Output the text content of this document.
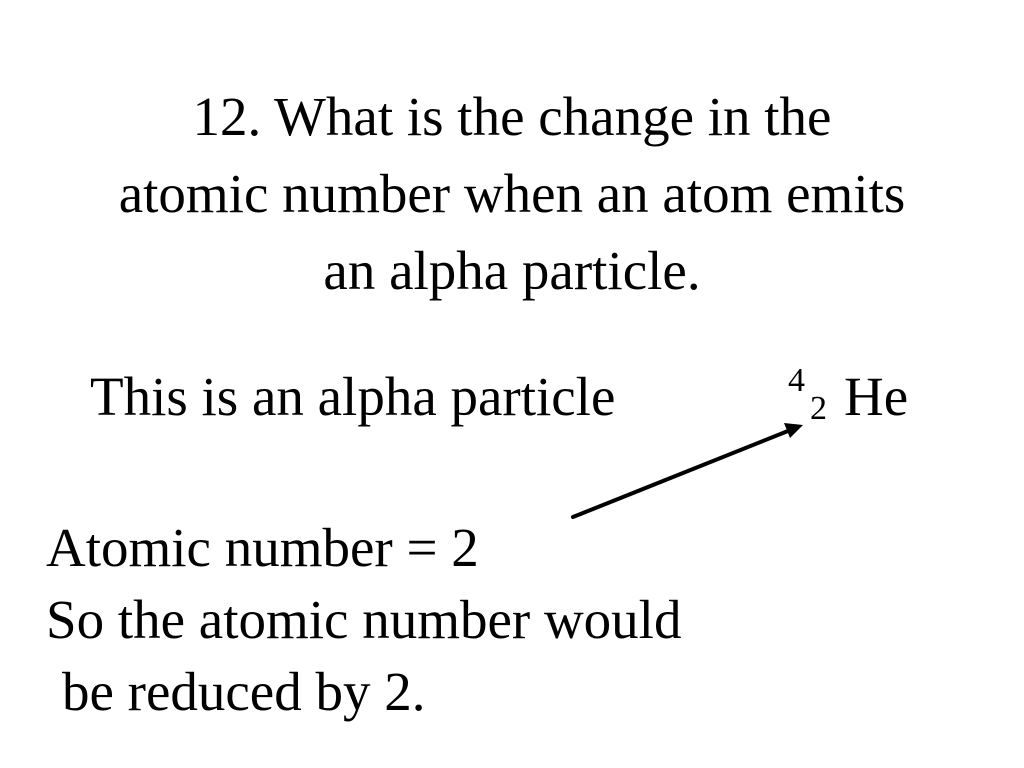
12. What is the change in the
atomic number when an atom emits
an alpha particle.
This is an alpha particle	4
2 He
Atomic number = 2
So the atomic number would
be reduced by 2.
